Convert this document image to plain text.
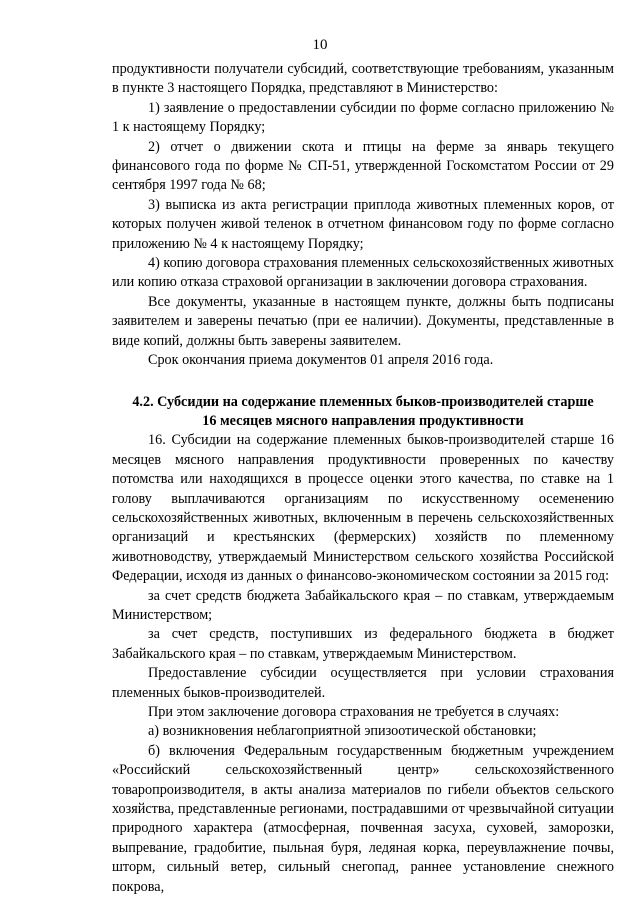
10

продуктивности получатели субсидий, соответствующие требованиям, указанным в пункте 3 настоящего Порядка, представляют в Министерство:

1) заявление о предоставлении субсидии по форме согласно приложению № 1 к настоящему Порядку;

2) отчет о движении скота и птицы на ферме за январь текущего финансового года по форме № СП-51, утвержденной Госкомстатом России от 29 сентября 1997 года № 68;

3) выписка из акта регистрации приплода животных племенных коров, от которых получен живой теленок в отчетном финансовом году по форме согласно приложению № 4 к настоящему Порядку;

4) копию договора страхования племенных сельскохозяйственных животных или копию отказа страховой организации в заключении договора страхования.

Все документы, указанные в настоящем пункте, должны быть подписаны заявителем и заверены печатью (при ее наличии). Документы, представленные в виде копий, должны быть заверены заявителем.

Срок окончания приема документов 01 апреля 2016 года.

4.2. Субсидии на содержание племенных быков-производителей старше
16 месяцев мясного направления продуктивности

16. Субсидии на содержание племенных быков-производителей старше 16 месяцев мясного направления продуктивности проверенных по качеству потомства или находящихся в процессе оценки этого качества, по ставке на 1 голову выплачиваются организациям по искусственному осеменению сельскохозяйственных животных, включенным в перечень сельскохозяйственных организаций и крестьянских (фермерских) хозяйств по племенному животноводству, утверждаемый Министерством сельского хозяйства Российской Федерации, исходя из данных о финансово-экономическом состоянии за 2015 год:

за счет средств бюджета Забайкальского края – по ставкам, утверждаемым Министерством;

за счет средств, поступивших из федерального бюджета в бюджет Забайкальского края – по ставкам, утверждаемым Министерством.

Предоставление субсидии осуществляется при условии страхования племенных быков-производителей.

При этом заключение договора страхования не требуется в случаях:

а) возникновения неблагоприятной эпизоотической обстановки;

б) включения Федеральным государственным бюджетным учреждением «Российский сельскохозяйственный центр» сельскохозяйственного товаропроизводителя, в акты анализа материалов по гибели объектов сельского хозяйства, представленные регионами, пострадавшими от чрезвычайной ситуации природного характера (атмосферная, почвенная засуха, суховей, заморозки, выпревание, градобитие, пыльная буря, ледяная корка, переувлажнение почвы, шторм, сильный ветер, сильный снегопад, раннее установление снежного покрова,
